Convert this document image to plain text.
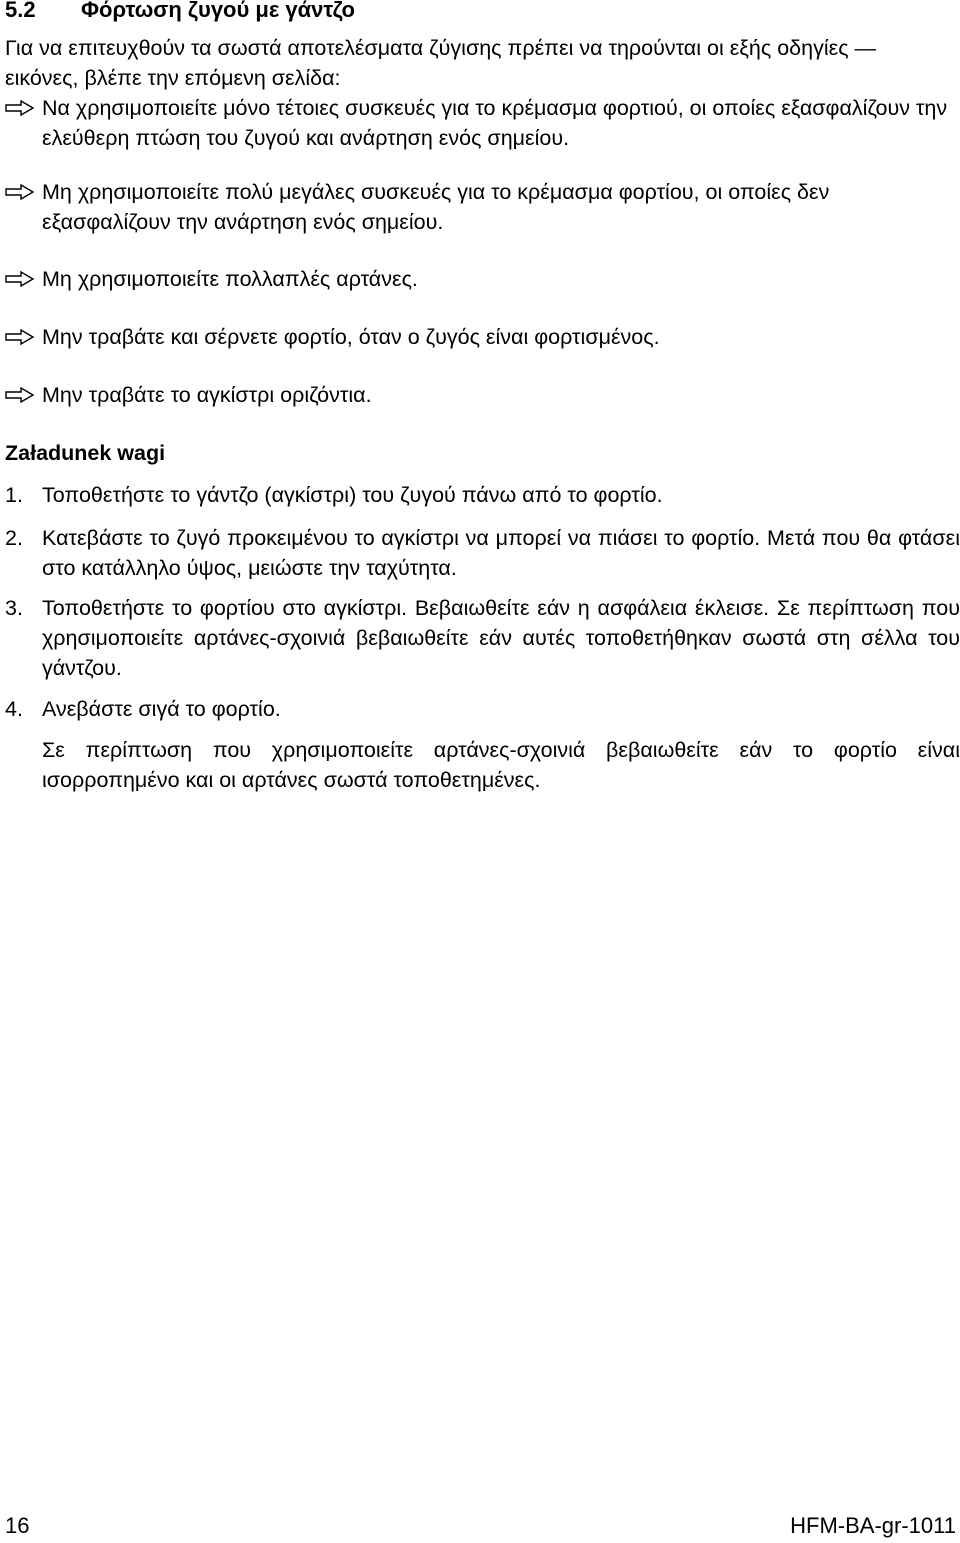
5.2 Φόρτωση ζυγού με γάντζο
Για να επιτευχθούν τα σωστά αποτελέσματα ζύγισης πρέπει να τηρούνται οι εξής οδηγίες — εικόνες, βλέπε την επόμενη σελίδα:
Να χρησιμοποιείτε μόνο τέτοιες συσκευές για το κρέμασμα φορτιού, οι οποίες εξασφαλίζουν την ελεύθερη πτώση του ζυγού και ανάρτηση ενός σημείου.
Μη χρησιμοποιείτε πολύ μεγάλες συσκευές για το κρέμασμα φορτίου, οι οποίες δεν εξασφαλίζουν την ανάρτηση ενός σημείου.
Μη χρησιμοποιείτε πολλαπλές αρτάνες.
Μην τραβάτε και σέρνετε φορτίο, όταν ο ζυγός είναι φορτισμένος.
Μην τραβάτε το αγκίστρι οριζόντια.
Załadunek wagi
1. Τοποθετήστε το γάντζο (αγκίστρι) του ζυγού πάνω από το φορτίο.
2. Κατεβάστε το ζυγό προκειμένου το αγκίστρι να μπορεί να πιάσει το φορτίο. Μετά που θα φτάσει στο κατάλληλο ύψος, μειώστε την ταχύτητα.
3. Τοποθετήστε το φορτίου στο αγκίστρι. Βεβαιωθείτε εάν η ασφάλεια έκλεισε. Σε περίπτωση που χρησιμοποιείτε αρτάνες-σχοινιά βεβαιωθείτε εάν αυτές τοποθετήθηκαν σωστά στη σέλλα του γάντζου.
4. Ανεβάστε σιγά το φορτίο.
Σε περίπτωση που χρησιμοποιείτε αρτάνες-σχοινιά βεβαιωθείτε εάν το φορτίο είναι ισορροπημένο και οι αρτάνες σωστά τοποθετημένες.
16	HFM-BA-gr-1011
